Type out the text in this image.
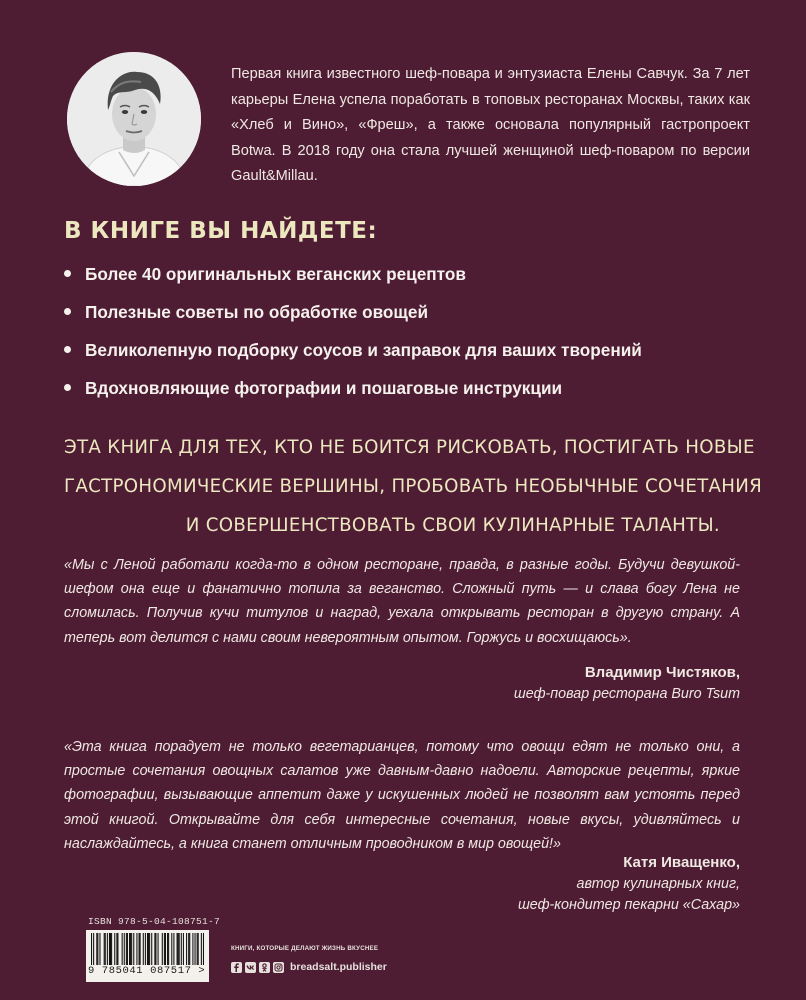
Первая книга известного шеф-повара и энтузиаста Елены Савчук. За 7 лет карьеры Елена успела поработать в топовых ресторанах Москвы, таких как «Хлеб и Вино», «Фреш», а также основала популярный гастропроект Botwa. В 2018 году она стала лучшей женщиной шеф-поваром по версии Gault&Millau.

В КНИГЕ ВЫ НАЙДЕТЕ:
Более 40 оригинальных веганских рецептов
Полезные советы по обработке овощей
Великолепную подборку соусов и заправок для ваших творений
Вдохновляющие фотографии и пошаговые инструкции

ЭТА КНИГА ДЛЯ ТЕХ, КТО НЕ БОИТСЯ РИСКОВАТЬ, ПОСТИГАТЬ НОВЫЕ
ГАСТРОНОМИЧЕСКИЕ ВЕРШИНЫ, ПРОБОВАТЬ НЕОБЫЧНЫЕ СОЧЕТАНИЯ
И СОВЕРШЕНСТВОВАТЬ СВОИ КУЛИНАРНЫЕ ТАЛАНТЫ.

«Мы с Леной работали когда-то в одном ресторане, правда, в разные годы. Будучи девушкой-шефом она еще и фанатично топила за веганство. Сложный путь — и слава богу Лена не сломилась. Получив кучи титулов и наград, уехала открывать ресторан в другую страну. А теперь вот делится с нами своим невероятным опытом. Горжусь и восхищаюсь».

Владимир Чистяков,
шеф-повар ресторана Buro Tsum

«Эта книга порадует не только вегетарианцев, потому что овощи едят не только они, а простые сочетания овощных салатов уже давным-давно надоели. Авторские рецепты, яркие фотографии, вызывающие аппетит даже у искушенных людей не позволят вам устоять перед этой книгой. Открывайте для себя интересные сочетания, новые вкусы, удивляйтесь и наслаждайтесь, а книга станет отличным проводником в мир овощей!»

Катя Иващенко,
автор кулинарных книг,
шеф-кондитер пекарни «Сахар»
ISBN 978-5-04-108751-7
9 785041 087517 >
КНИГИ, КОТОРЫЕ ДЕЛАЮТ ЖИЗНЬ ВКУСНЕЕ
breadsalt.publisher
